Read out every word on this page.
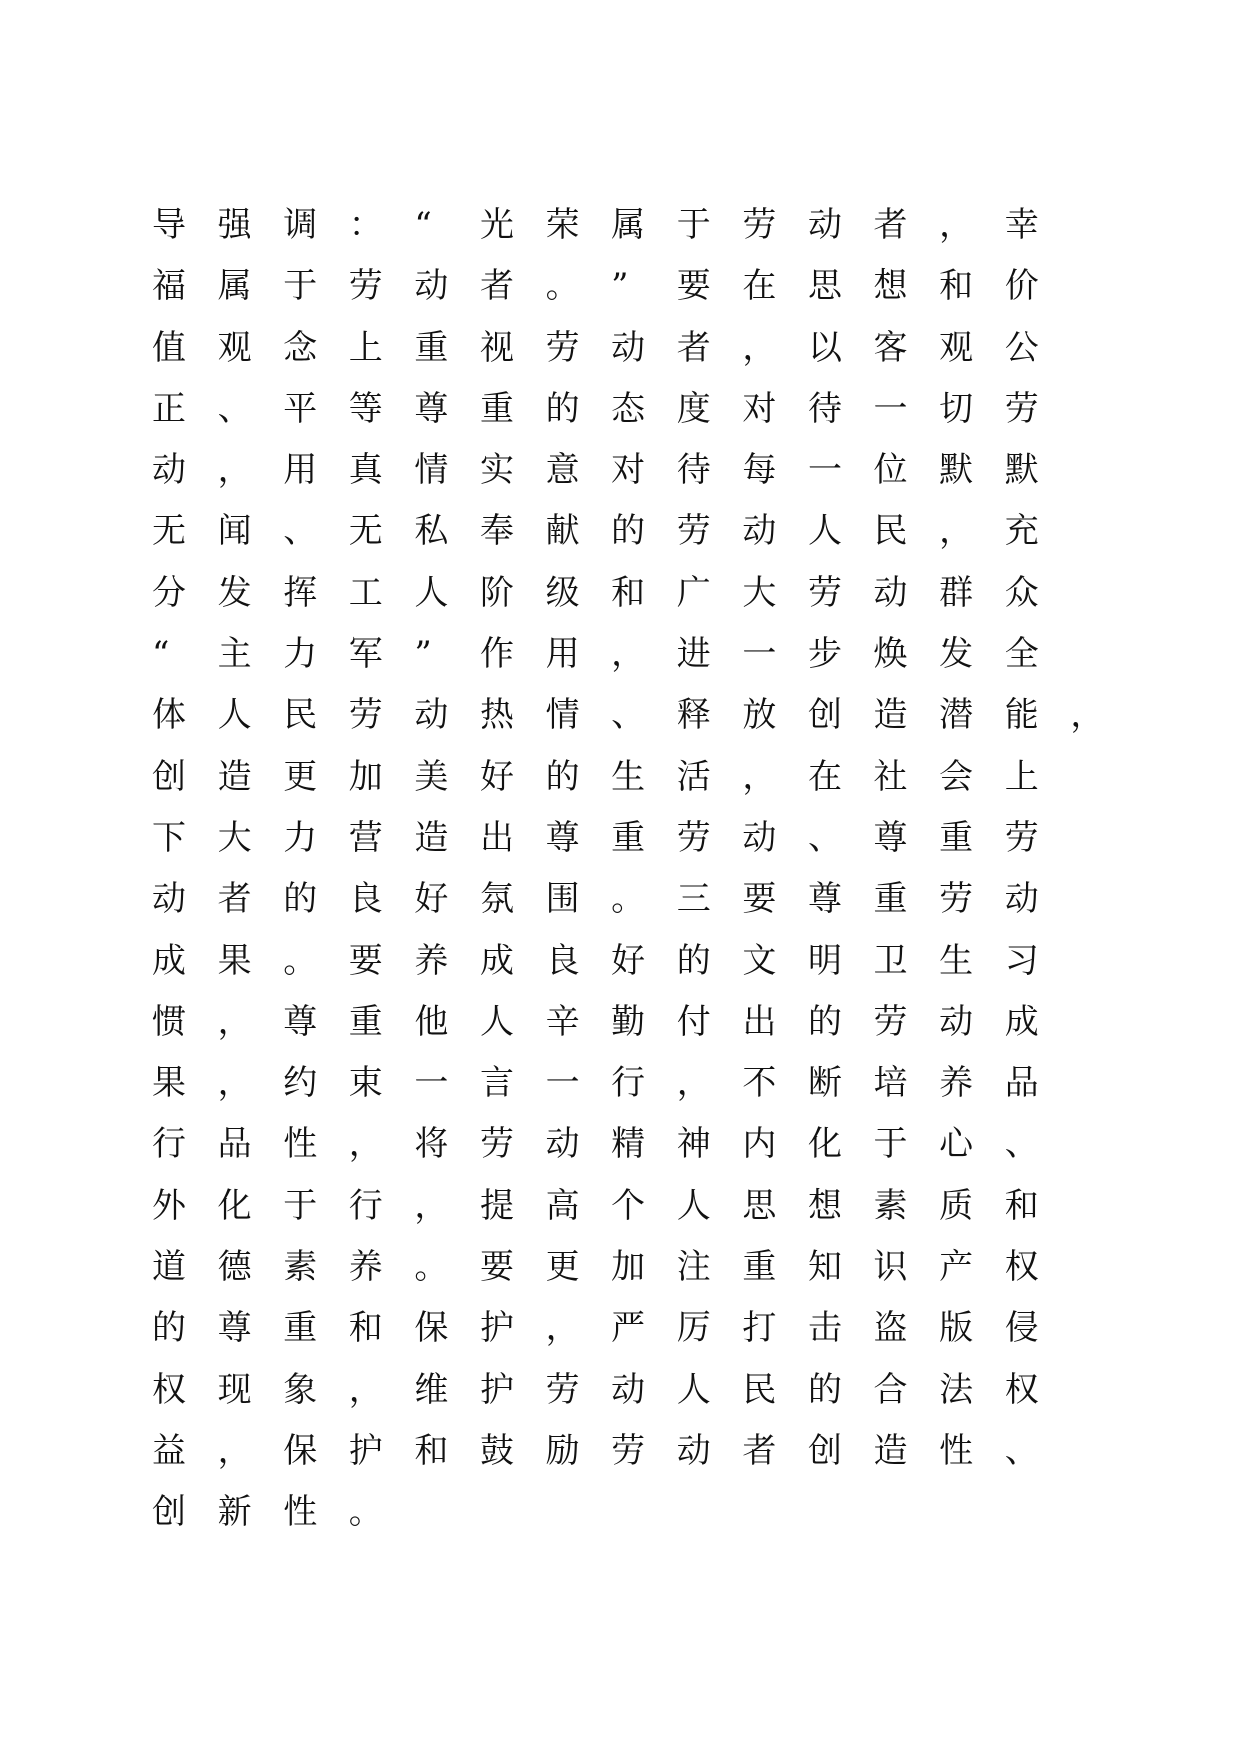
导 强 调 ： “	光 荣 属 于 劳 动 者 ， 幸
福 属 于 劳 动 者 。 ”	要 在 思 想 和 价
值 观 念 上 重 视 劳 动 者 ， 以 客 观 公
正 、 平 等 尊 重 的 态 度 对 待 一 切 劳
动 ， 用 真 情 实 意 对 待 每 一 位 默 默
无 闻 、 无 私 奉 献 的 劳 动 人 民 ， 充
分 发 挥 工 人 阶 级 和 广 大 劳 动 群 众
“	主 力 军 ”	作 用 ， 进 一 步 焕 发 全
体 人 民 劳 动 热 情 、 释 放 创 造 潜 能 ，
创 造 更 加 美 好 的 生 活 ， 在 社 会 上
下 大 力 营 造 出 尊 重 劳 动 、 尊 重 劳
动 者 的 良 好 氛 围 。 三 要 尊 重 劳 动
成 果 。 要 养 成 良 好 的 文 明 卫 生 习
惯 ， 尊 重 他 人 辛 勤 付 出 的 劳 动 成
果 ， 约 束 一 言 一 行 ， 不 断 培 养 品
行 品 性 ， 将 劳 动 精 神 内 化 于 心 、
外 化 于 行 ， 提 高 个 人 思 想 素 质 和
道 德 素 养 。 要 更 加 注 重 知 识 产 权
的 尊 重 和 保 护 ， 严 厉 打 击 盗 版 侵
权 现 象 ， 维 护 劳 动 人 民 的 合 法 权
益 ， 保 护 和 鼓 励 劳 动 者 创 造 性 、
创 新 性 。
